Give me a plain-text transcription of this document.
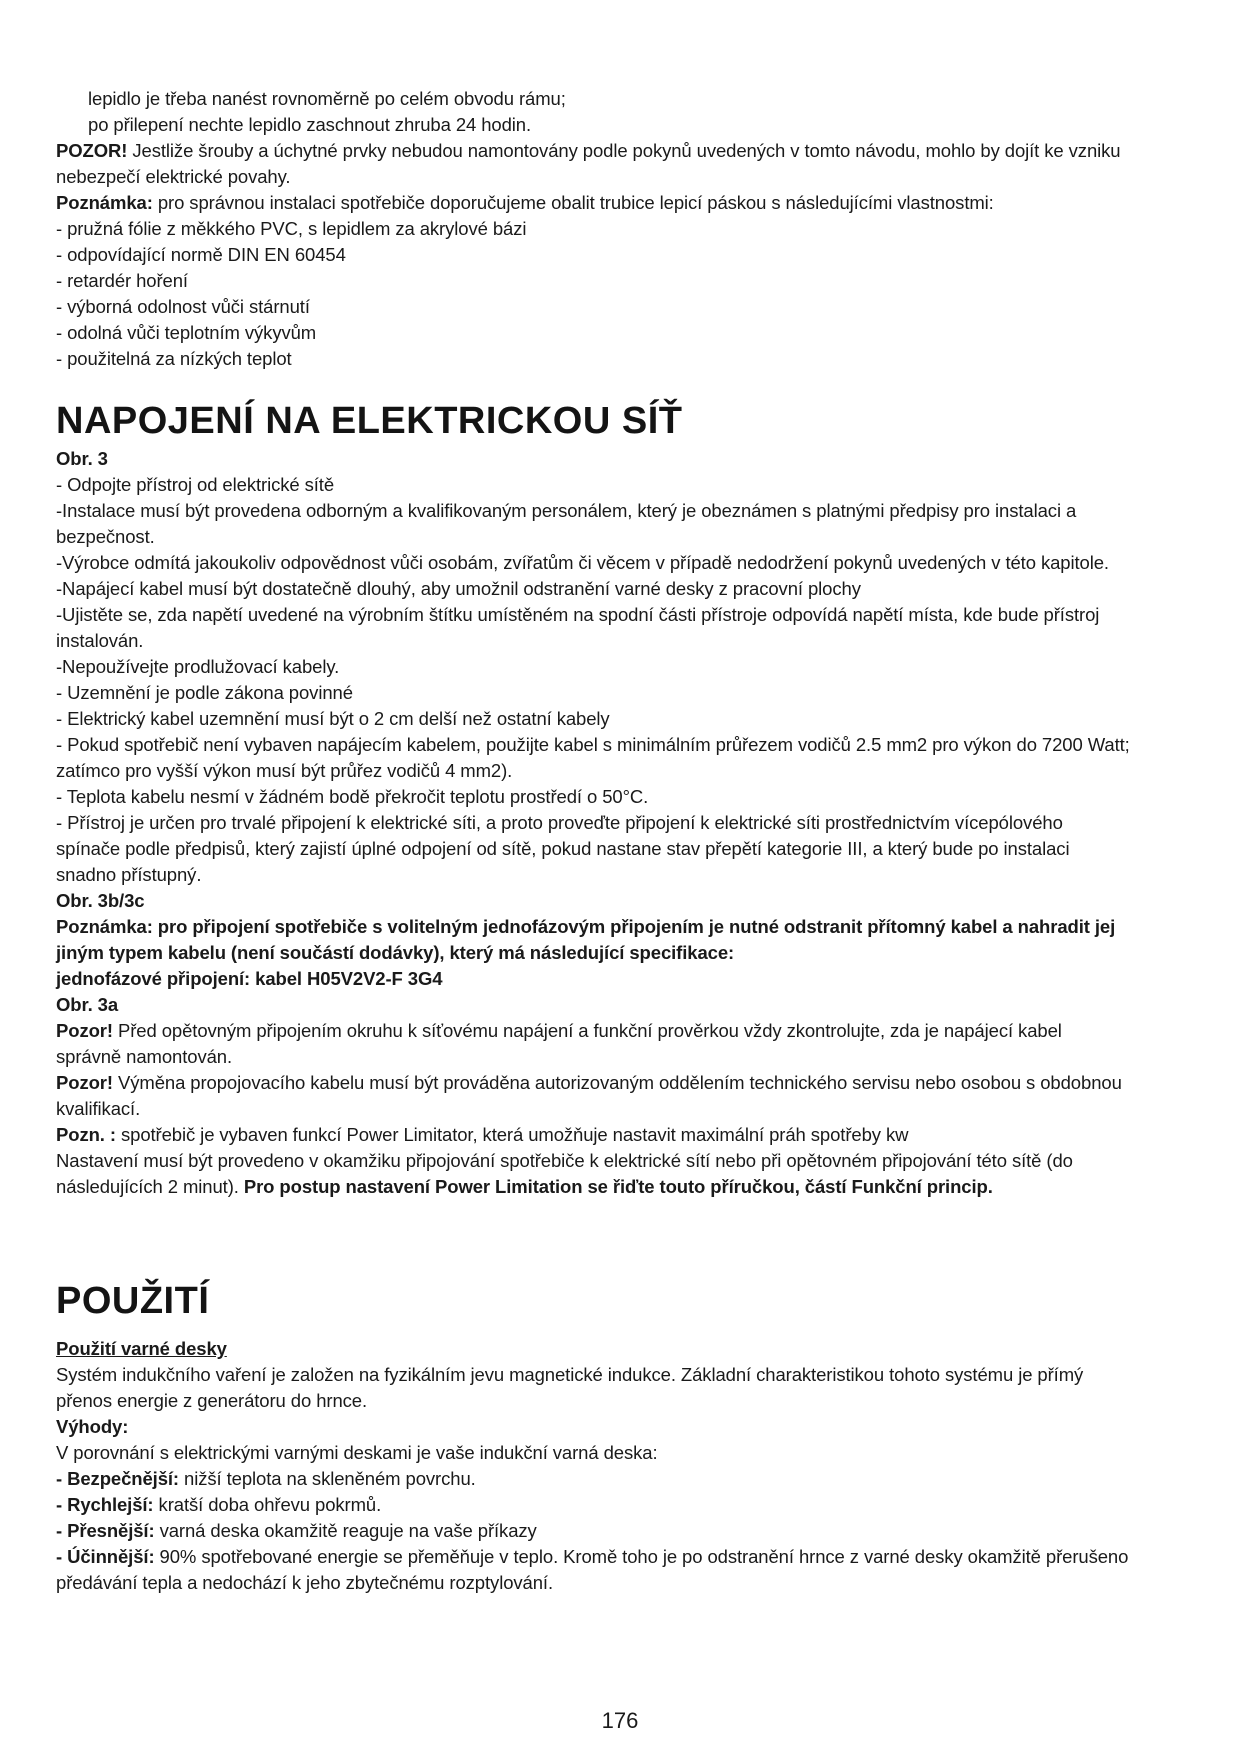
lepidlo je třeba nanést rovnoměrně po celém obvodu rámu;
po přilepení nechte lepidlo zaschnout zhruba 24 hodin.
POZOR! Jestliže šrouby a úchytné prvky nebudou namontovány podle pokynů uvedených v tomto návodu, mohlo by dojít ke vzniku
nebezpečí elektrické povahy.
Poznámka: pro správnou instalaci spotřebiče doporučujeme obalit trubice lepicí páskou s následujícími vlastnostmi:
- pružná fólie z měkkého PVC, s lepidlem za akrylové bázi
- odpovídající normě DIN EN 60454
- retardér hoření
- výborná odolnost vůči stárnutí
- odolná vůči teplotním výkyvům
- použitelná za nízkých teplot
NAPOJENÍ NA ELEKTRICKOU SÍŤ
Obr. 3
- Odpojte přístroj od elektrické sítě
-Instalace musí být provedena odborným a kvalifikovaným personálem, který je obeznámen s platnými předpisy pro instalaci a
bezpečnost.
-Výrobce odmítá jakoukoliv odpovědnost vůči osobám, zvířatům či věcem v případě nedodržení pokynů uvedených v této kapitole.
-Napájecí kabel musí být dostatečně dlouhý, aby umožnil odstranění varné desky z pracovní plochy
-Ujistěte se, zda napětí uvedené na výrobním štítku umístěném na spodní části přístroje odpovídá napětí místa, kde bude přístroj
instalován.
-Nepoužívejte prodlužovací kabely.
- Uzemnění je podle zákona povinné
- Elektrický kabel uzemnění musí být o 2 cm delší než ostatní kabely
- Pokud spotřebič není vybaven napájecím kabelem, použijte kabel s minimálním průřezem vodičů 2.5 mm2 pro výkon do 7200 Watt;
zatímco pro vyšší výkon musí být průřez vodičů 4 mm2).
- Teplota kabelu nesmí v žádném bodě překročit teplotu prostředí o 50°C.
- Přístroj je určen pro trvalé připojení k elektrické síti, a proto proveďte připojení k elektrické síti prostřednictvím vícepólového
spínače podle předpisů, který zajistí úplné odpojení od sítě, pokud nastane stav přepětí kategorie III, a který bude po instalaci
snadno přístupný.
Obr. 3b/3c
Poznámka: pro připojení spotřebiče s volitelným jednofázovým připojením je nutné odstranit přítomný kabel a nahradit jej
jiným typem kabelu (není součástí dodávky), který má následující specifikace:
jednofázové připojení: kabel H05V2V2-F 3G4
Obr. 3a
Pozor! Před opětovným připojením okruhu k síťovému napájení a funkční prověrkou vždy zkontrolujte, zda je napájecí kabel
správně namontován.
Pozor! Výměna propojovacího kabelu musí být prováděna autorizovaným oddělením technického servisu nebo osobou s obdobnou
kvalifikací.
Pozn. : spotřebič je vybaven funkcí Power Limitator, která umožňuje nastavit maximální práh spotřeby kw
Nastavení musí být provedeno v okamžiku připojování spotřebiče k elektrické sítí nebo při opětovném připojování této sítě (do
následujících 2 minut). Pro postup nastavení Power Limitation se řiďte touto příručkou, částí Funkční princip.
POUŽITÍ
Použití varné desky
Systém indukčního vaření je založen na fyzikálním jevu magnetické indukce. Základní charakteristikou tohoto systému je přímý
přenos energie z generátoru do hrnce.
Výhody:
V porovnání s elektrickými varnými deskami je vaše indukční varná deska:
- Bezpečnější: nižší teplota na skleněném povrchu.
- Rychlejší: kratší doba ohřevu pokrmů.
- Přesnější: varná deska okamžitě reaguje na vaše příkazy
- Účinnější: 90% spotřebované energie se přeměňuje v teplo. Kromě toho je po odstranění hrnce z varné desky okamžitě přerušeno
předávání tepla a nedochází k jeho zbytečnému rozptylování.
176
